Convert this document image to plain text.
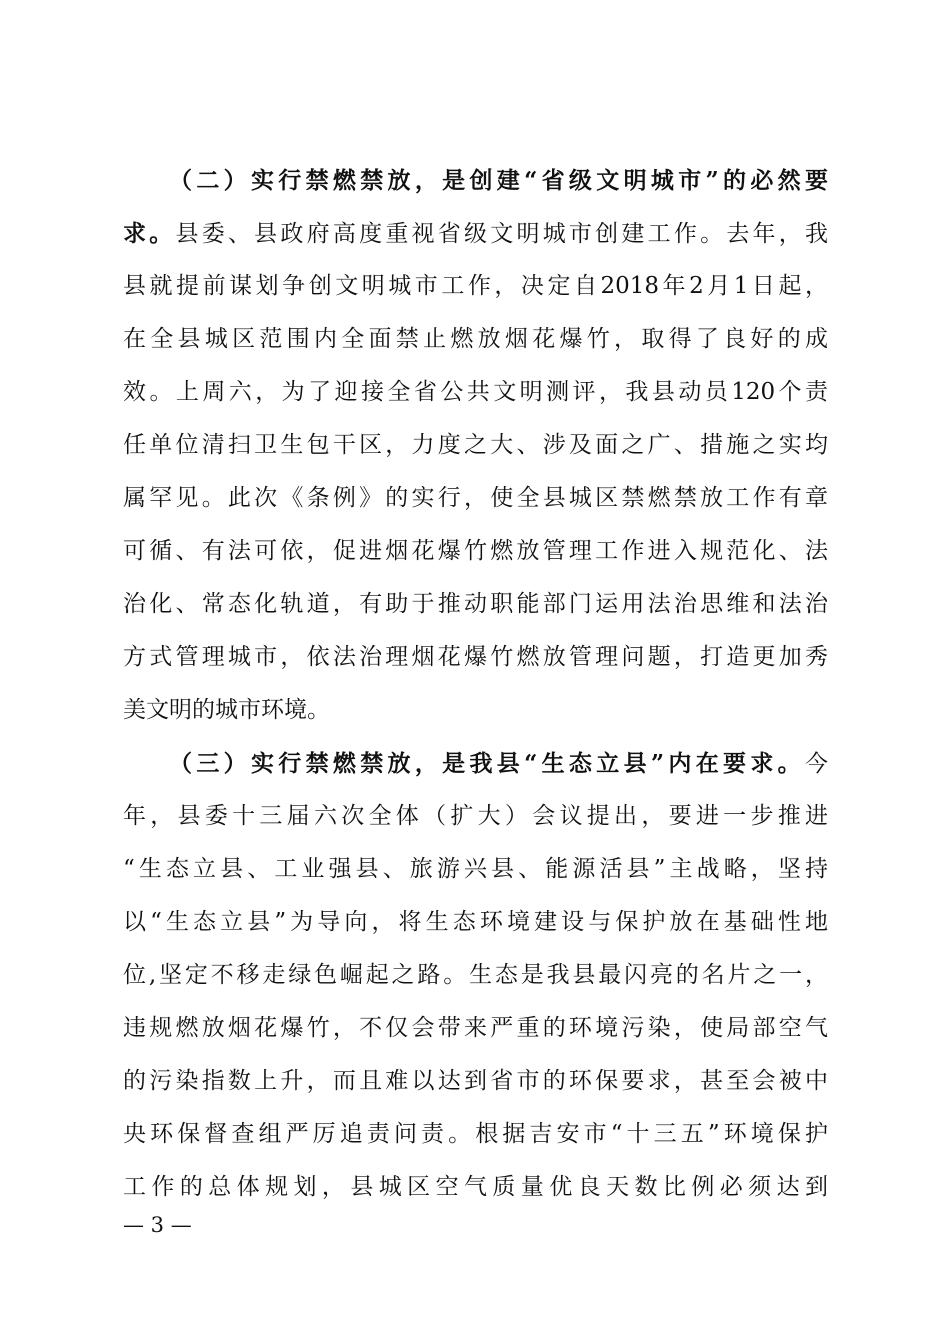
（二）实行禁燃禁放，是创建“省级文明城市”的必然要
求。县委、县政府高度重视省级文明城市创建工作。去年，我
县就提前谋划争创文明城市工作，决定自2018年2月1日起，
在全县城区范围内全面禁止燃放烟花爆竹，取得了良好的成
效。上周六，为了迎接全省公共文明测评，我县动员120个责
任单位清扫卫生包干区，力度之大、涉及面之广、措施之实均
属罕见。此次《条例》的实行，使全县城区禁燃禁放工作有章
可循、有法可依，促进烟花爆竹燃放管理工作进入规范化、法
治化、常态化轨道，有助于推动职能部门运用法治思维和法治
方式管理城市，依法治理烟花爆竹燃放管理问题，打造更加秀
美文明的城市环境。
（三）实行禁燃禁放，是我县“生态立县”内在要求。今
年，县委十三届六次全体（扩大）会议提出，要进一步推进
“生态立县、工业强县、旅游兴县、能源活县”主战略，坚持
以“生态立县”为导向，将生态环境建设与保护放在基础性地
位,坚定不移走绿色崛起之路。生态是我县最闪亮的名片之一，
违规燃放烟花爆竹，不仅会带来严重的环境污染，使局部空气
的污染指数上升，而且难以达到省市的环保要求，甚至会被中
央环保督查组严厉追责问责。根据吉安市“十三五”环境保护
工作的总体规划，县城区空气质量优良天数比例必须达到
— 3 —
